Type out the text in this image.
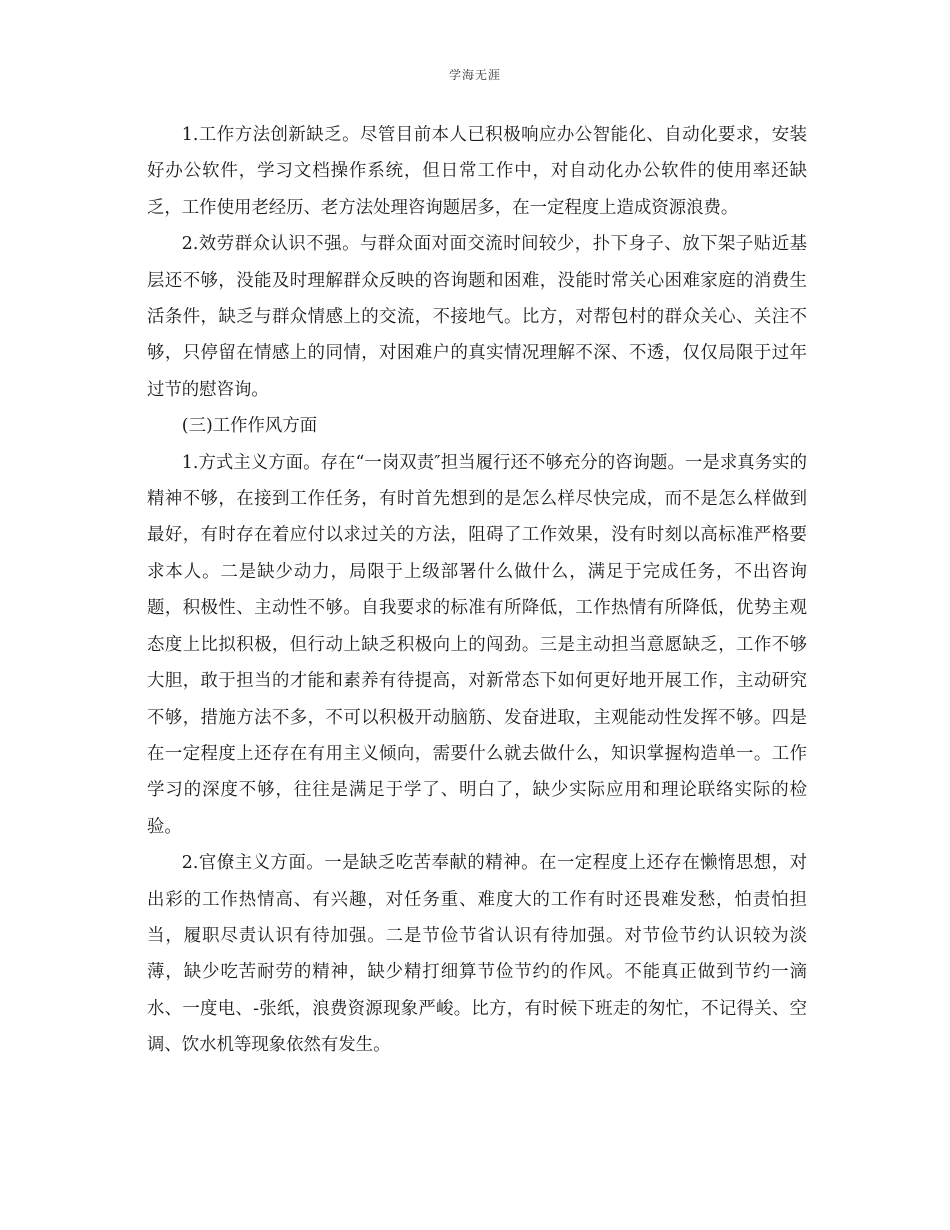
学海无涯

1.工作方法创新缺乏。尽管目前本人已积极响应办公智能化、自动化要求，安装好办公软件，学习文档操作系统，但日常工作中，对自动化办公软件的使用率还缺乏，工作使用老经历、老方法处理咨询题居多，在一定程度上造成资源浪费。

2.效劳群众认识不强。与群众面对面交流时间较少，扑下身子、放下架子贴近基层还不够，没能及时理解群众反映的咨询题和困难，没能时常关心困难家庭的消费生活条件，缺乏与群众情感上的交流，不接地气。比方，对帮包村的群众关心、关注不够，只停留在情感上的同情，对困难户的真实情况理解不深、不透，仅仅局限于过年过节的慰咨询。

(三)工作作风方面

1.方式主义方面。存在“一岗双责″担当履行还不够充分的咨询题。一是求真务实的精神不够，在接到工作任务，有时首先想到的是怎么样尽快完成，而不是怎么样做到最好，有时存在着应付以求过关的方法，阻碍了工作效果，没有时刻以高标准严格要求本人。二是缺少动力，局限于上级部署什么做什么，满足于完成任务，不出咨询题，积极性、主动性不够。自我要求的标准有所降低，工作热情有所降低，优势主观态度上比拟积极，但行动上缺乏积极向上的闯劲。三是主动担当意愿缺乏，工作不够大胆，敢于担当的才能和素养有待提高，对新常态下如何更好地开展工作，主动研究不够，措施方法不多，不可以积极开动脑筋、发奋进取，主观能动性发挥不够。四是在一定程度上还存在有用主义倾向，需要什么就去做什么，知识掌握构造单一。工作学习的深度不够，往往是满足于学了、明白了，缺少实际应用和理论联络实际的检验。

2.官僚主义方面。一是缺乏吃苦奉献的精神。在一定程度上还存在懒惰思想，对出彩的工作热情高、有兴趣，对任务重、难度大的工作有时还畏难发愁，怕责怕担当，履职尽责认识有待加强。二是节俭节省认识有待加强。对节俭节约认识较为淡薄，缺少吃苦耐劳的精神，缺少精打细算节俭节约的作风。不能真正做到节约一滴水、一度电、-张纸，浪费资源现象严峻。比方，有时候下班走的匆忙，不记得关、空调、饮水机等现象依然有发生。
